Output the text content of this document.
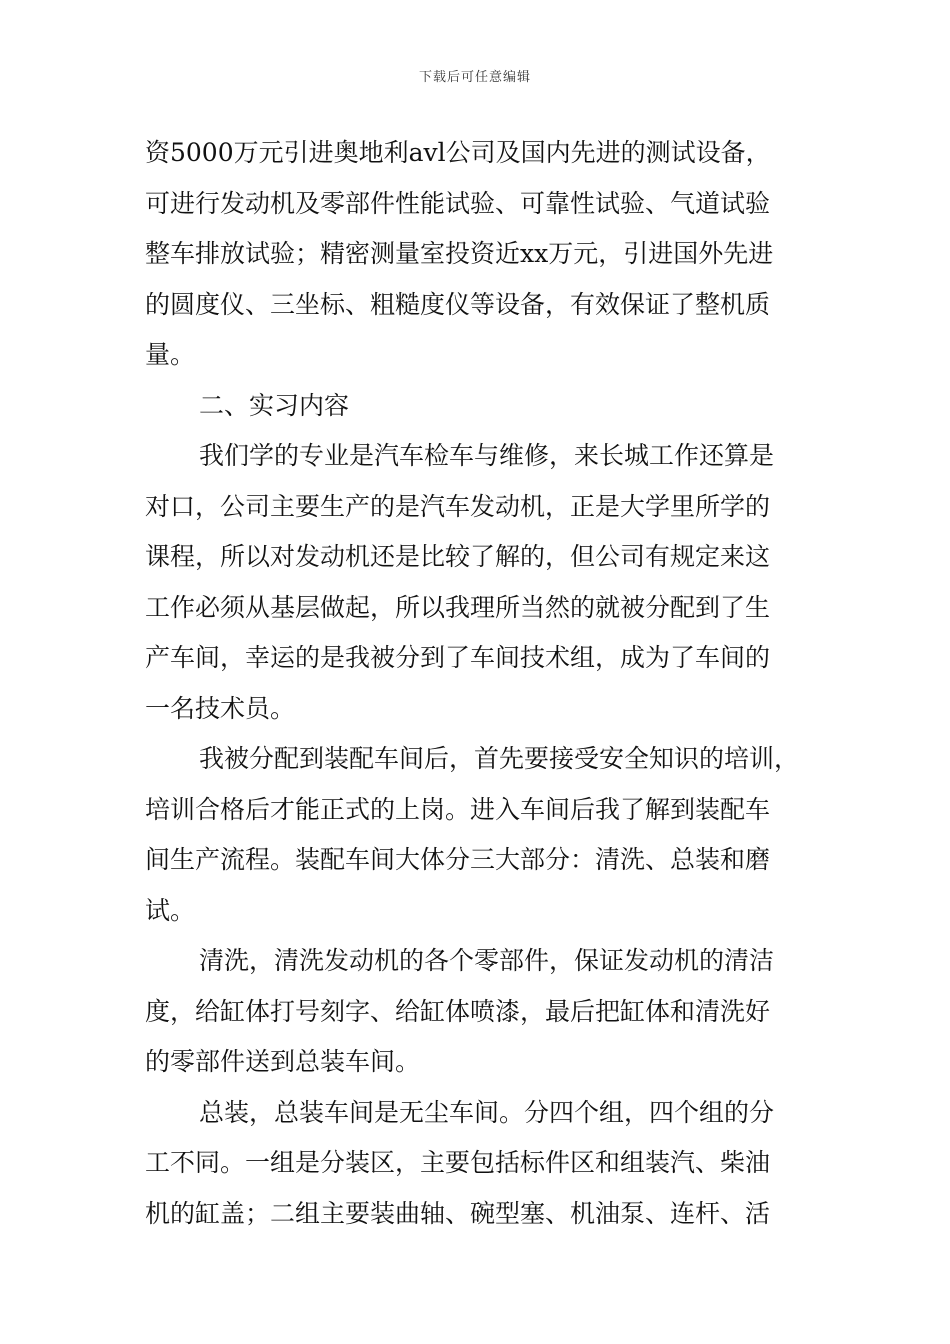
下载后可任意编辑
资5000万元引进奥地利avl公司及国内先进的测试设备，
可进行发动机及零部件性能试验、可靠性试验、气道试验
整车排放试验；精密测量室投资近xx万元，引进国外先进
的圆度仪、三坐标、粗糙度仪等设备，有效保证了整机质
量。
二、实习内容
我们学的专业是汽车检车与维修，来长城工作还算是
对口，公司主要生产的是汽车发动机，正是大学里所学的
课程，所以对发动机还是比较了解的，但公司有规定来这
工作必须从基层做起，所以我理所当然的就被分配到了生
产车间，幸运的是我被分到了车间技术组，成为了车间的
一名技术员。
我被分配到装配车间后，首先要接受安全知识的培训，
培训合格后才能正式的上岗。进入车间后我了解到装配车
间生产流程。装配车间大体分三大部分：清洗、总装和磨
试。
清洗，清洗发动机的各个零部件，保证发动机的清洁
度，给缸体打号刻字、给缸体喷漆，最后把缸体和清洗好
的零部件送到总装车间。
总装，总装车间是无尘车间。分四个组，四个组的分
工不同。一组是分装区，主要包括标件区和组装汽、柴油
机的缸盖；二组主要装曲轴、碗型塞、机油泵、连杆、活
